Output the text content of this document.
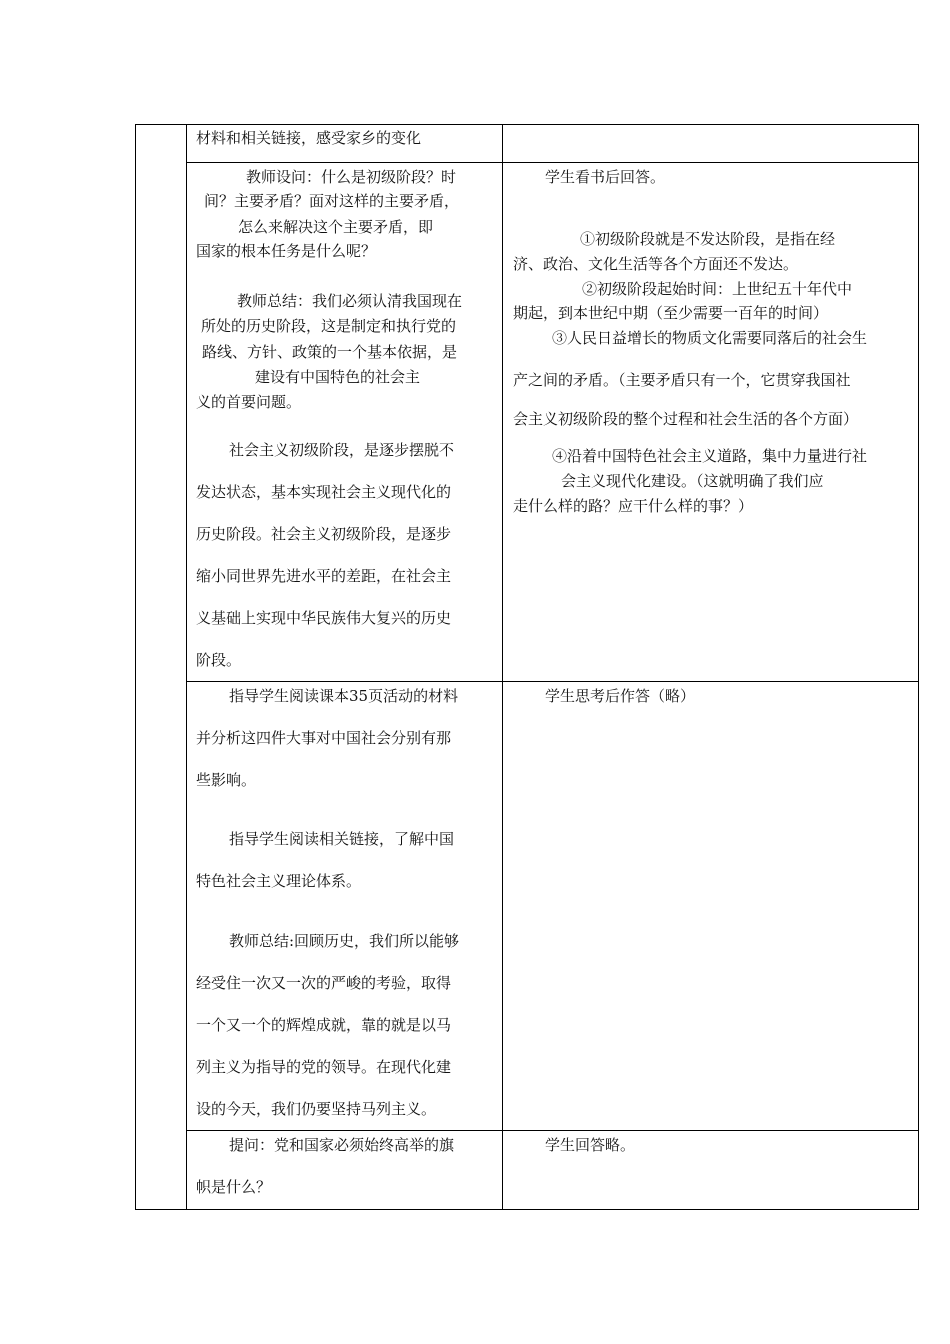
材料和相关链接，感受家乡的变化

教师设问：什么是初级阶段？时

间？主要矛盾？面对这样的主要矛盾，

怎么来解决这个主要矛盾，即

国家的根本任务是什么呢？

教师总结：我们必须认清我国现在

所处的历史阶段，这是制定和执行党的

路线、方针、政策的一个基本依据，是

建设有中国特色的社会主

义的首要问题。

社会主义初级阶段，是逐步摆脱不

发达状态，基本实现社会主义现代化的

历史阶段。社会主义初级阶段，是逐步

缩小同世界先进水平的差距，在社会主

义基础上实现中华民族伟大复兴的历史

阶段。

学生看书后回答。

①初级阶段就是不发达阶段，是指在经

济、政治、文化生活等各个方面还不发达。

②初级阶段起始时间：上世纪五十年代中

期起，到本世纪中期（至少需要一百年的时间）

③人民日益增长的物质文化需要同落后的社会生

产之间的矛盾。（主要矛盾只有一个，它贯穿我国社

会主义初级阶段的整个过程和社会生活的各个方面）

④沿着中国特色社会主义道路，集中力量进行社

会主义现代化建设。（这就明确了我们应

走什么样的路？应干什么样的事？）

指导学生阅读课本35页活动的材料

并分析这四件大事对中国社会分别有那

些影响。

指导学生阅读相关链接，了解中国

特色社会主义理论体系。

教师总结:回顾历史，我们所以能够

经受住一次又一次的严峻的考验，取得

一个又一个的辉煌成就，靠的就是以马

列主义为指导的党的领导。在现代化建

设的今天，我们仍要坚持马列主义。

学生思考后作答（略）

提问：党和国家必须始终高举的旗

帜是什么？

学生回答略。
